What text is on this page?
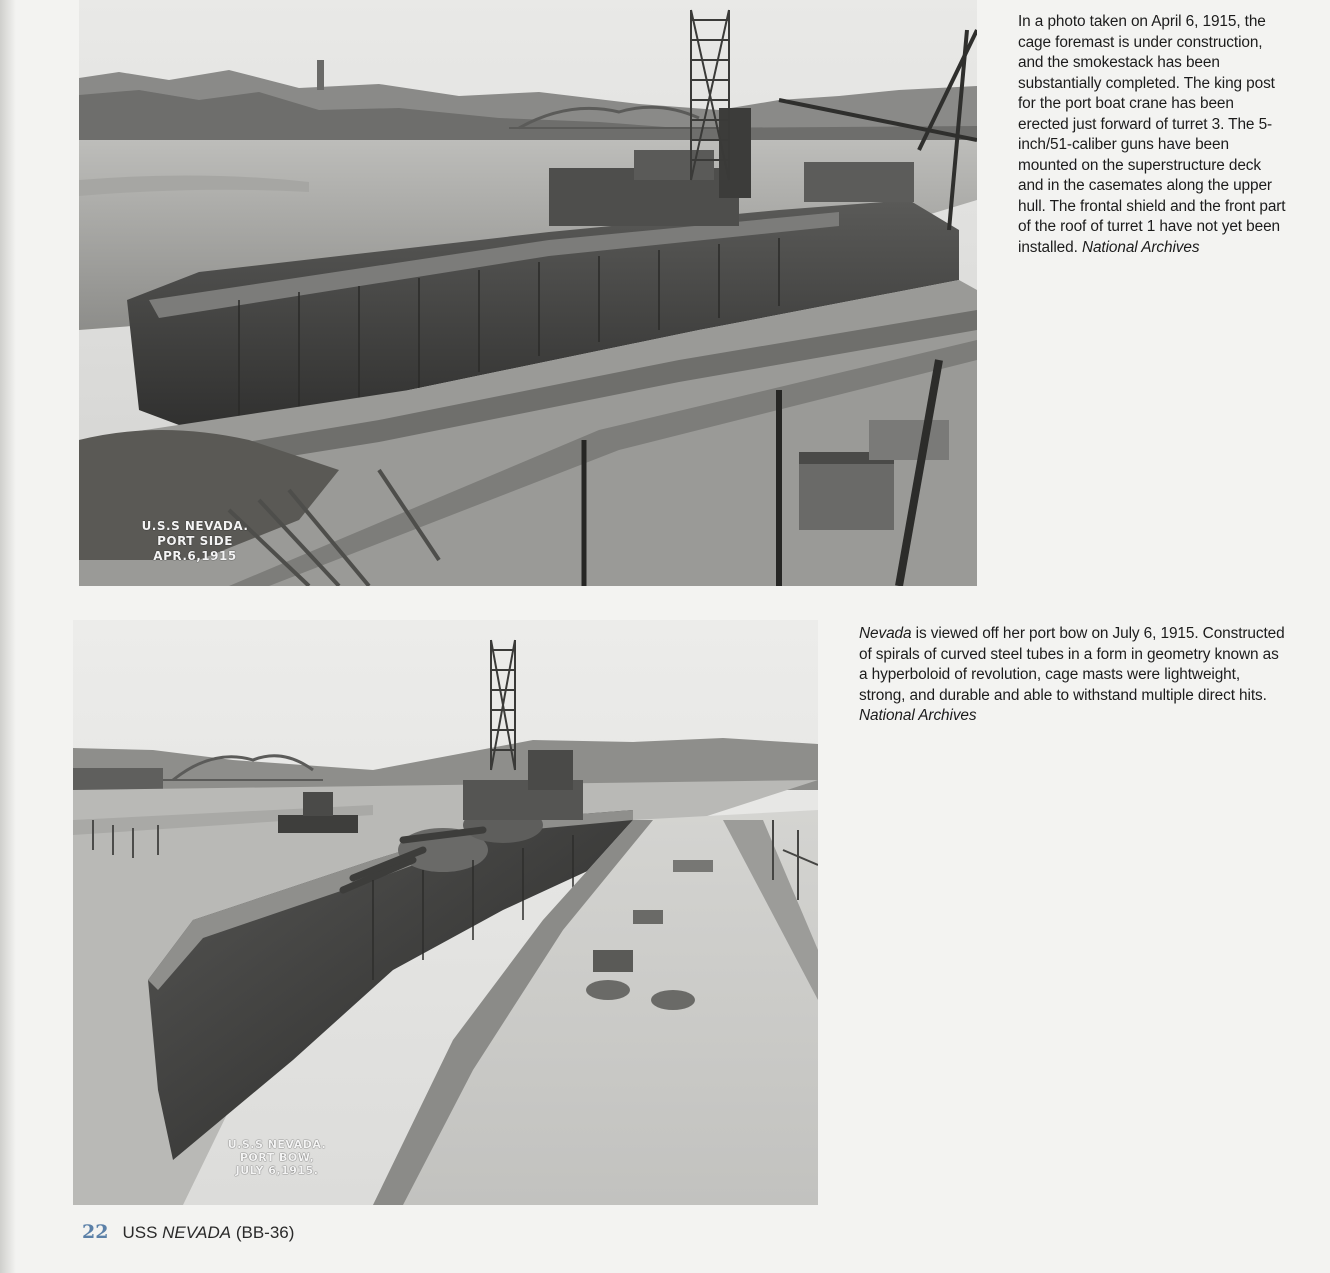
U.S.S NEVADA.
PORT SIDE
APR.6,1915
In a photo taken on April 6, 1915, the cage foremast is under construction, and the smokestack has been substantially completed. The king post for the port boat crane has been erected just forward of turret 3. The 5-inch/51-caliber guns have been mounted on the superstructure deck and in the casemates along the upper hull. The frontal shield and the front part of the roof of turret 1 have not yet been installed. National Archives
U.S.S NEVADA.
PORT BOW,
JULY 6,1915.
Nevada is viewed off her port bow on July 6, 1915. Constructed of spirals of curved steel tubes in a form in geometry known as a hyperboloid of revolution, cage masts were lightweight, strong, and durable and able to withstand multiple direct hits. National Archives
22 USS NEVADA (BB-36)
